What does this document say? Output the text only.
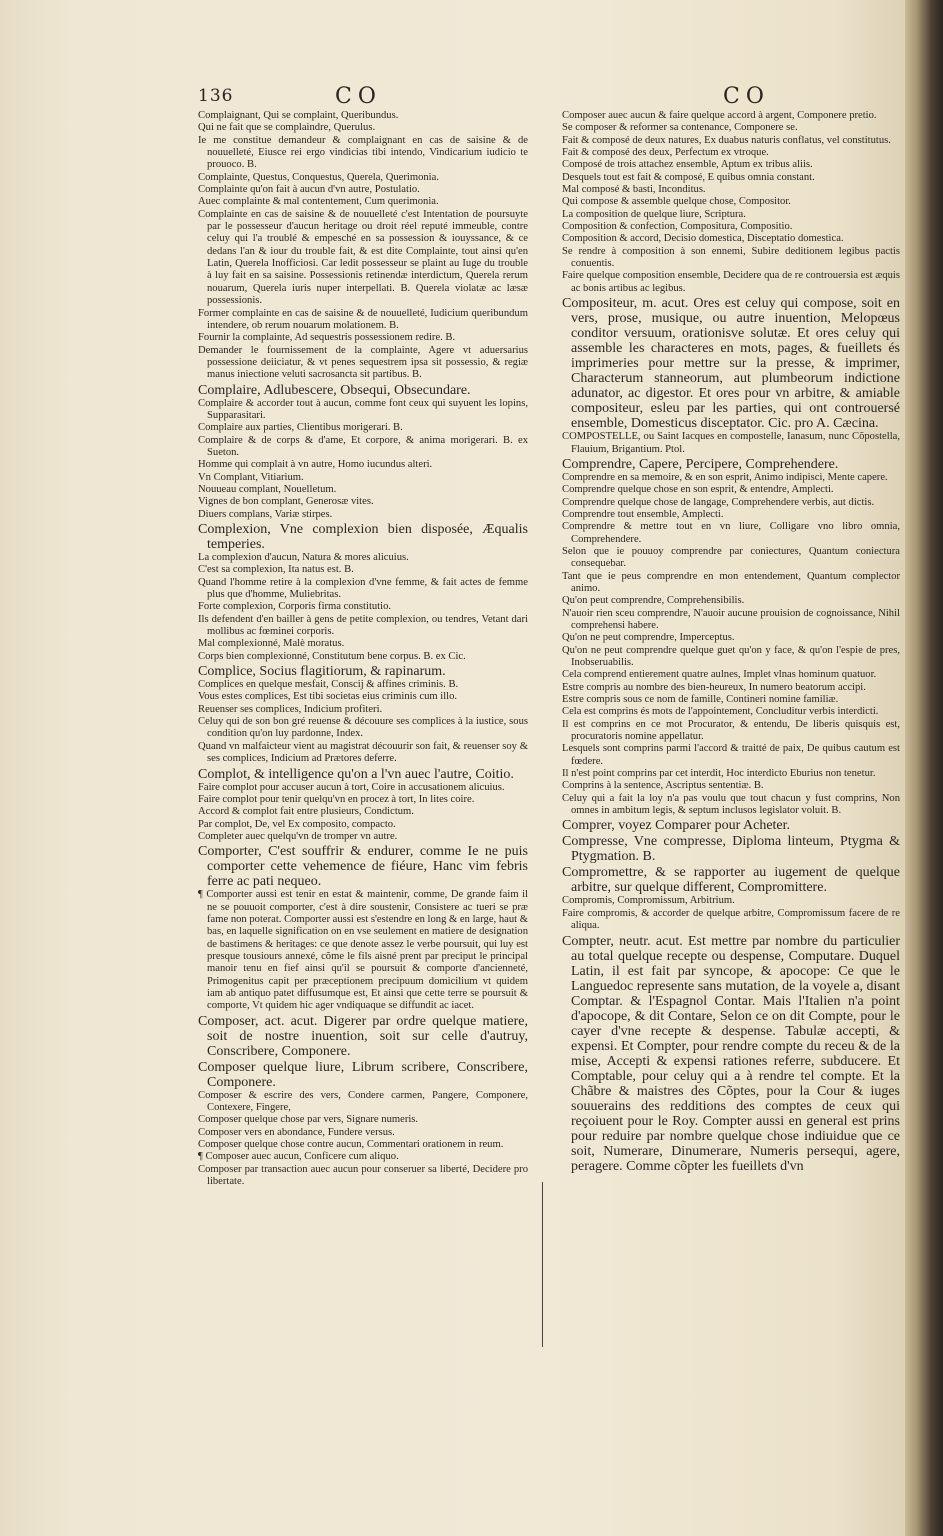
136	CO	CO

Complaignant, Qui se complaint, Queribundus.

Qui ne fait que se complaindre, Querulus.

Ie me constitue demandeur & complaignant en cas de saisine & de nouuelleté, Eiusce rei ergo vindicias tibi intendo, Vindicarium iudicio te prouoco. B.

Complainte, Questus, Conquestus, Querela, Querimonia.

Complainte qu'on fait à aucun d'vn autre, Postulatio.

Auec complainte & mal contentement, Cum querimonia.

Complainte en cas de saisine & de nouuelleté c'est Intentation de poursuyte par le possesseur d'aucun heritage ou droit réel reputé immeuble, contre celuy qui l'a troublé & empesché en sa possession & iouyssance, & ce dedans l'an & iour du trouble fait, & est dite Complainte, tout ainsi qu'en Latin, Querela Inofficiosi. Car ledit possesseur se plaint au Iuge du trouble à luy fait en sa saisine. Possessionis retinendæ interdictum, Querela rerum nouarum, Querela iuris nuper interpellati. B. Querela violatæ ac læsæ possessionis.

Former complainte en cas de saisine & de nouuelleté, Iudicium queribundum intendere, ob rerum nouarum molationem. B.

Fournir la complainte, Ad sequestris possessionem redire. B.

Demander le fournissement de la complainte, Agere vt aduersarius possessione deiiciatur, & vt penes sequestrem ipsa sit possessio, & regiæ manus iniectione veluti sacrosancta sit partibus. B.

Complaire, Adlubescere, Obsequi, Obsecundare.

Complaire & accorder tout à aucun, comme font ceux qui suyuent les lopins, Supparasitari.

Complaire aux parties, Clientibus morigerari. B.

Complaire & de corps & d'ame, Et corpore, & anima morigerari. B. ex Sueton.

Homme qui complait à vn autre, Homo iucundus alteri.

Vn Complant, Vitiarium.

Nouueau complant, Nouelletum.

Vignes de bon complant, Generosæ vites.

Diuers complans, Variæ stirpes.

Complexion, Vne complexion bien disposée, Æqualis temperies.

La complexion d'aucun, Natura & mores alicuius.

C'est sa complexion, Ita natus est. B.

Quand l'homme retire à la complexion d'vne femme, & fait actes de femme plus que d'homme, Muliebritas.

Forte complexion, Corporis firma constitutio.

Ils defendent d'en bailler à gens de petite complexion, ou tendres, Vetant dari mollibus ac fœminei corporis.

Mal complexionné, Malè moratus.

Corps bien complexionné, Constitutum bene corpus. B. ex Cic.

Complice, Socius flagitiorum, & rapinarum.

Complices en quelque mesfait, Conscij & affines criminis. B.

Vous estes complices, Est tibi societas eius criminis cum illo.

Reuenser ses complices, Indicium profiteri.

Celuy qui de son bon gré reuense & découure ses complices à la iustice, sous condition qu'on luy pardonne, Index.

Quand vn malfaicteur vient au magistrat découurir son fait, & reuenser soy & ses complices, Indicium ad Prætores deferre.

Complot, & intelligence qu'on a l'vn auec l'autre, Coitio.

Faire complot pour accuser aucun à tort, Coire in accusationem alicuius.

Faire complot pour tenir quelqu'vn en procez à tort, In lites coire.

Accord & complot fait entre plusieurs, Condictum.

Par complot, De, vel Ex composito, compacto.

Completer auec quelqu'vn de tromper vn autre.

Comporter, C'est souffrir & endurer, comme Ie ne puis comporter cette vehemence de fiéure, Hanc vim febris ferre ac pati nequeo.

¶ Comporter aussi est tenir en estat & maintenir, comme, De grande faim il ne se pouuoit comporter, c'est à dire soustenir, Consistere ac tueri se præ fame non poterat. Comporter aussi est s'estendre en long & en large, haut & bas, en laquelle signification on en vse seulement en matiere de designation de bastimens & heritages: ce que denote assez le verbe poursuit, qui luy est presque tousiours annexé, cõme le fils aisné prent par preciput le principal manoir tenu en fief ainsi qu'il se poursuit & comporte d'ancienneté, Primogenitus capit per præceptionem precipuum domicilium vt quidem iam ab antiquo patet diffusumque est, Et ainsi que cette terre se poursuit & comporte, Vt quidem hic ager vndiquaque se diffundit ac iacet.

Composer, act. acut. Digerer par ordre quelque matiere, soit de nostre inuention, soit sur celle d'autruy, Conscribere, Componere.

Composer quelque liure, Librum scribere, Conscribere, Componere.

Composer & escrire des vers, Condere carmen, Pangere, Componere, Contexere, Fingere,

Composer quelque chose par vers, Signare numeris.

Composer vers en abondance, Fundere versus.

Composer quelque chose contre aucun, Commentari orationem in reum.

¶ Composer auec aucun, Conficere cum aliquo.

Composer par transaction auec aucun pour conseruer sa liberté, Decidere pro libertate.

Composer auec aucun & faire quelque accord à argent, Componere pretio.

Se composer & reformer sa contenance, Componere se.

Fait & composé de deux natures, Ex duabus naturis conflatus, vel constitutus.

Fait & composé des deux, Perfectum ex vtroque.

Composé de trois attachez ensemble, Aptum ex tribus aliis.

Desquels tout est fait & composé, E quibus omnia constant.

Mal composé & basti, Inconditus.

Qui compose & assemble quelque chose, Compositor.

La composition de quelque liure, Scriptura.

Composition & confection, Compositura, Compositio.

Composition & accord, Decisio domestica, Disceptatio domestica.

Se rendre à composition à son ennemi, Subire deditionem legibus pactis conuentis.

Faire quelque composition ensemble, Decidere qua de re controuersia est æquis ac bonis artibus ac legibus.

Compositeur, m. acut. Ores est celuy qui compose, soit en vers, prose, musique, ou autre inuention, Melopœus conditor versuum, orationisve solutæ. Et ores celuy qui assemble les characteres en mots, pages, & fueillets és imprimeries pour mettre sur la presse, & imprimer, Characterum stanneorum, aut plumbeorum indictione adunator, ac digestor. Et ores pour vn arbitre, & amiable compositeur, esleu par les parties, qui ont controuersé ensemble, Domesticus disceptator. Cic. pro A. Cæcina.

COMPOSTELLE, ou Saint Iacques en compostelle, Ianasum, nunc Cõpostella, Flauium, Brigantium. Ptol.

Comprendre, Capere, Percipere, Comprehendere.

Comprendre en sa memoire, & en son esprit, Animo indipisci, Mente capere.

Comprendre quelque chose en son esprit, & entendre, Amplecti.

Comprendre quelque chose de langage, Comprehendere verbis, aut dictis.

Comprendre tout ensemble, Amplecti.

Comprendre & mettre tout en vn liure, Colligare vno libro omnia, Comprehendere.

Selon que ie pouuoy comprendre par coniectures, Quantum coniectura consequebar.

Tant que ie peus comprendre en mon entendement, Quantum complector animo.

Qu'on peut comprendre, Comprehensibilis.

N'auoir rien sceu comprendre, N'auoir aucune prouision de cognoissance, Nihil comprehensi habere.

Qu'on ne peut comprendre, Imperceptus.

Qu'on ne peut comprendre quelque guet qu'on y face, & qu'on l'espie de pres, Inobseruabilis.

Cela comprend entierement quatre aulnes, Implet vlnas hominum quatuor.

Estre compris au nombre des bien-heureux, In numero beatorum accipi.

Estre compris sous ce nom de famille, Contineri nomine familiæ.

Cela est comprins és mots de l'appointement, Concluditur verbis interdicti.

Il est comprins en ce mot Procurator, & entendu, De liberis quisquis est, procuratoris nomine appellatur.

Lesquels sont comprins parmi l'accord & traitté de paix, De quibus cautum est fœdere.

Il n'est point comprins par cet interdit, Hoc interdicto Eburius non tenetur.

Comprins à la sentence, Ascriptus sententiæ. B.

Celuy qui a fait la loy n'a pas voulu que tout chacun y fust comprins, Non omnes in ambitum legis, & septum inclusos legislator voluit. B.

Comprer, voyez Comparer pour Acheter.

Compresse, Vne compresse, Diploma linteum, Ptygma & Ptygmation. B.

Compromettre, & se rapporter au iugement de quelque arbitre, sur quelque different, Compromittere.

Compromis, Compromissum, Arbitrium.

Faire compromis, & accorder de quelque arbitre, Compromissum facere de re aliqua.

Compter, neutr. acut. Est mettre par nombre du particulier au total quelque recepte ou despense, Computare. Duquel Latin, il est fait par syncope, & apocope: Ce que le Languedoc represente sans mutation, de la voyele a, disant Comptar. & l'Espagnol Contar. Mais l'Italien n'a point d'apocope, & dit Contare, Selon ce on dit Compte, pour le cayer d'vne recepte & despense. Tabulæ accepti, & expensi. Et Compter, pour rendre compte du receu & de la mise, Accepti & expensi rationes referre, subducere. Et Comptable, pour celuy qui a à rendre tel compte. Et la Chãbre & maistres des Cõptes, pour la Cour & iuges souuerains des redditions des comptes de ceux qui reçoiuent pour le Roy. Compter aussi en general est prins pour reduire par nombre quelque chose indiuidue que ce soit, Numerare, Dinumerare, Numeris persequi, agere, peragere. Comme cõpter les fueillets d'vn
